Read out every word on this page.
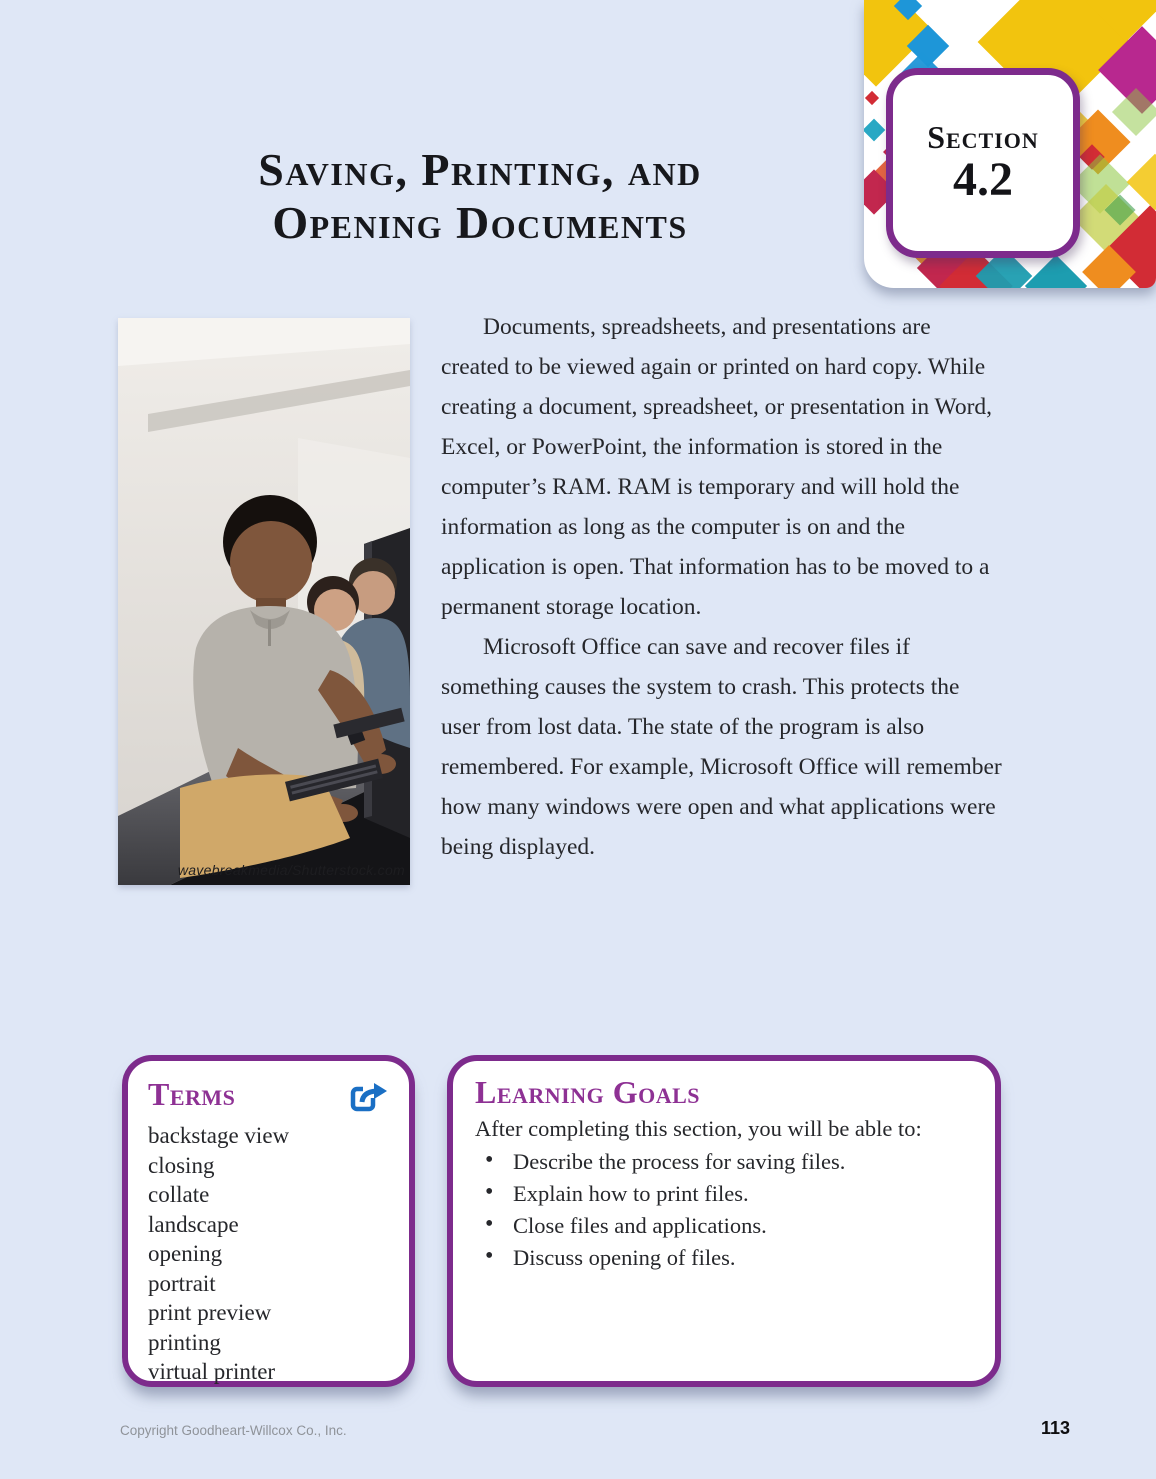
Saving, Printing, and
Opening Documents
Section
4.2
wavebreakmedia/Shutterstock.com

Documents, spreadsheets, and presentations are created to be viewed again or printed on hard copy. While creating a document, spreadsheet, or presentation in Word, Excel, or PowerPoint, the information is stored in the computer’s RAM. RAM is temporary and will hold the information as long as the computer is on and the application is open. That information has to be moved to a permanent storage location.

Microsoft Office can save and recover files if something causes the system to crash. This protects the user from lost data. The state of the program is also remembered. For example, Microsoft Office will remember how many windows were open and what applications were being displayed.

Terms
backstage view
closing
collate
landscape
opening
portrait
print preview
printing
virtual printer
Learning Goals

After completing this section, you will be able to:

• Describe the process for saving files.
• Explain how to print files.
• Close files and applications.
• Discuss opening of files.
Copyright Goodheart-Willcox Co., Inc.	113
